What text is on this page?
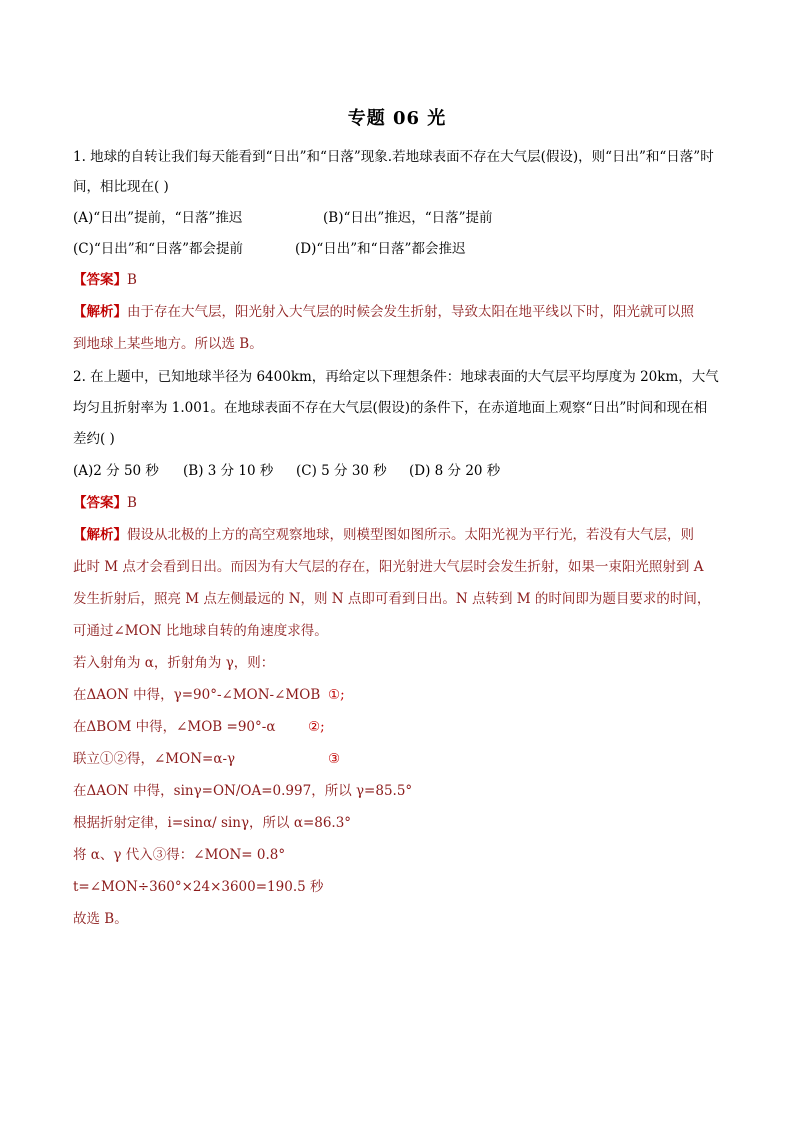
专题 06 光
1. 地球的自转让我们每天能看到“日出”和“日落”现象.若地球表面不存在大气层(假设)，则“日出”和“日落”时
间，相比现在( )
(A)“日出”提前，“日落”推迟	(B)“日出”推迟，“日落”提前
(C)“日出”和“日落”都会提前	(D)“日出”和“日落”都会推迟
【答案】B
【解析】由于存在大气层，阳光射入大气层的时候会发生折射，导致太阳在地平线以下时，阳光就可以照
到地球上某些地方。所以选 B。
2. 在上题中，已知地球半径为 6400km，再给定以下理想条件：地球表面的大气层平均厚度为 20km，大气
均匀且折射率为 1.001。在地球表面不存在大气层(假设)的条件下，在赤道地面上观察“日出”时间和现在相
差约( )
(A)2 分 50 秒 (B) 3 分 10 秒 (C) 5 分 30 秒 (D) 8 分 20 秒
【答案】B
【解析】假设从北极的上方的高空观察地球，则模型图如图所示。太阳光视为平行光，若没有大气层，则
此时 M 点才会看到日出。而因为有大气层的存在，阳光射进大气层时会发生折射，如果一束阳光照射到 A
发生折射后，照亮 M 点左侧最远的 N，则 N 点即可看到日出。N 点转到 M 的时间即为题目要求的时间，
可通过∠MON 比地球自转的角速度求得。
若入射角为 α，折射角为 γ，则：
在ΔAON 中得，γ=90°-∠MON-∠MOB ①;
在ΔBOM 中得，∠MOB =90°-α ②;
联立①②得，∠MON=α-γ	③
在ΔAON 中得，sinγ=ON/OA=0.997，所以 γ=85.5°
根据折射定律，i=sinα/ sinγ，所以 α=86.3°
将 α、γ 代入③得：∠MON= 0.8°
t=∠MON÷360°×24×3600=190.5 秒
故选 B。
